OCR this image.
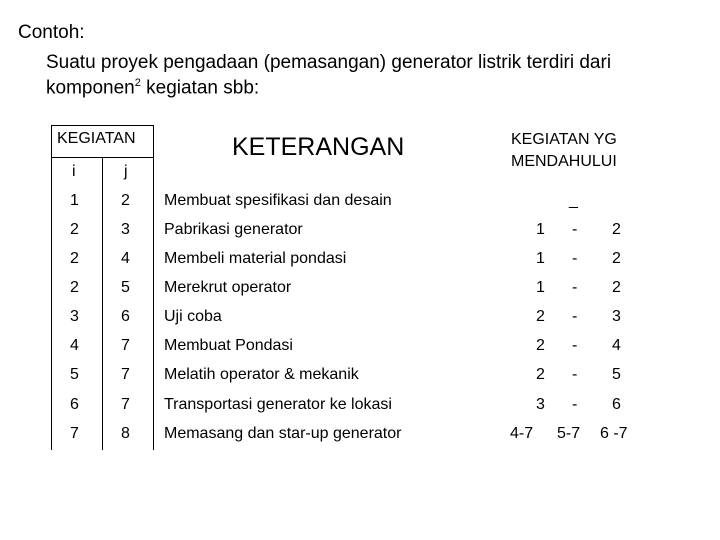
Contoh:
Suatu proyek pengadaan (pemasangan) generator listrik terdiri dari
komponen$^2$ kegiatan sbb:
KEGIATAN
i	j
KETERANGAN	KEGIATAN YG
MENDAHULUI
1	2 Membuat spesifikasi dan desain	_
2	3 Pabrikasi generator	1 - 2
2	4 Membeli material pondasi	1 - 2
2	5 Merekrut operator	1 - 2
3	6 Uji coba	2 - 3
4	7 Membuat Pondasi	2 - 4
5	7 Melatih operator & mekanik	2 - 5
6	7 Transportasi generator ke lokasi	3 - 6
7	8 Memasang dan star-up generator	4-7 5-7 6 -7
